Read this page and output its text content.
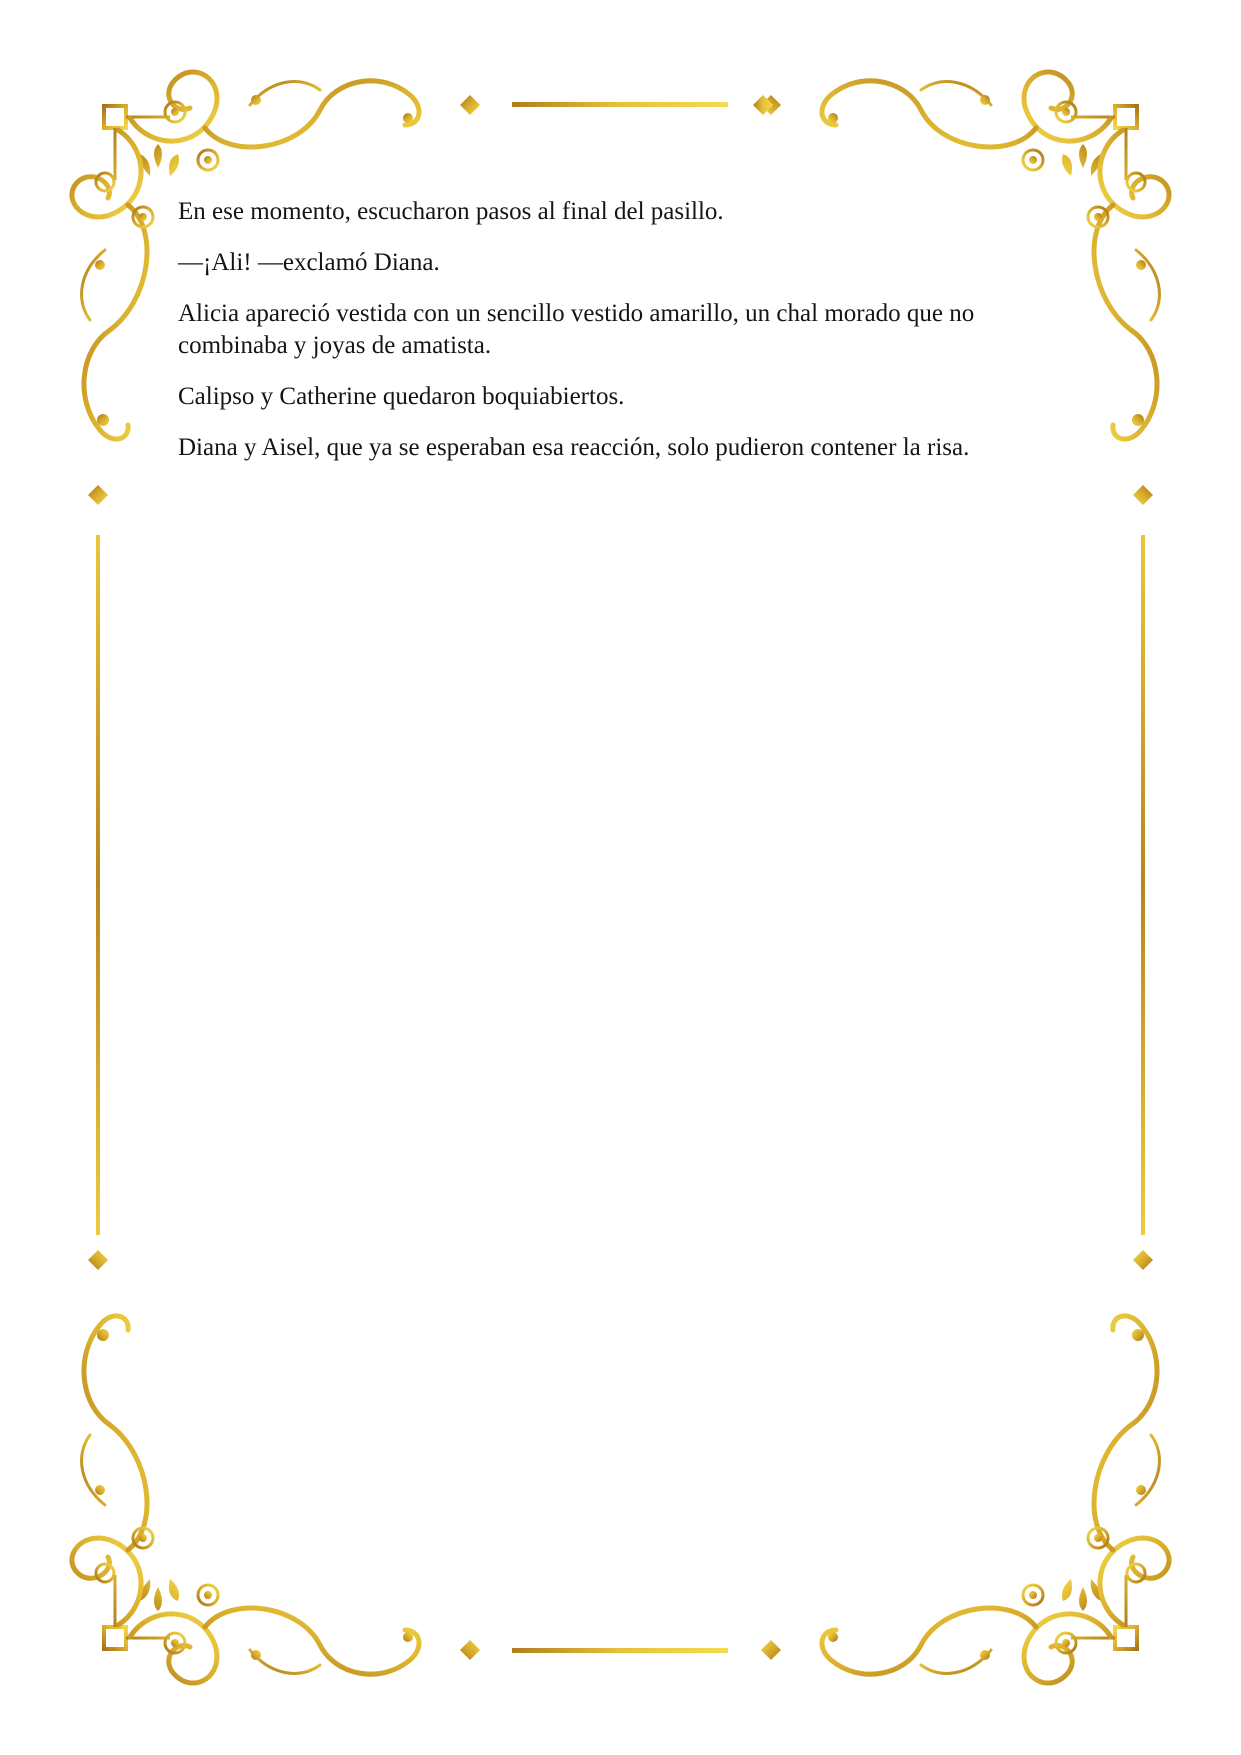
En ese momento, escucharon pasos al final del pasillo.

—¡Ali! —exclamó Diana.

Alicia apareció vestida con un sencillo vestido amarillo, un chal morado que no combinaba y joyas de amatista.

Calipso y Catherine quedaron boquiabiertos.

Diana y Aisel, que ya se esperaban esa reacción, solo pudieron contener la risa.
